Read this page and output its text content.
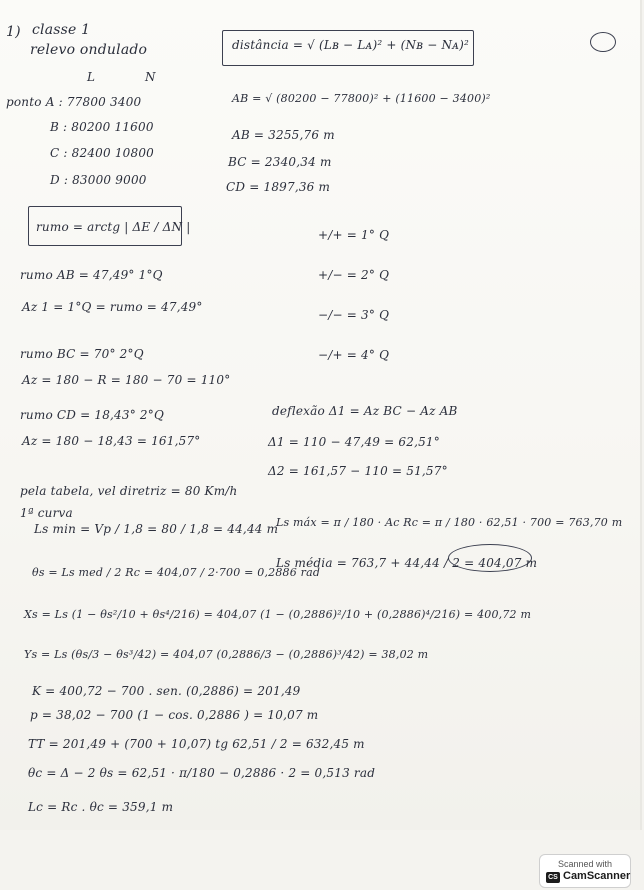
1) classe 1
relevo ondulado
L	N
ponto A : 77800 3400
B : 80200 11600
C : 82400 10800
D : 83000 9000
distância = √ (Lʙ − Lᴀ)² + (Nʙ − Nᴀ)²
AB = √ (80200 − 77800)² + (11600 − 3400)²
AB = 3255,76 m
BC = 2340,34 m
CD = 1897,36 m
rumo = arctg | ΔE / ΔN |
+/+ = 1° Q
+/− = 2° Q
−/− = 3° Q
−/+ = 4° Q
rumo AB = 47,49° 1°Q
Az 1 = 1°Q = rumo = 47,49°
rumo BC = 70° 2°Q
Az = 180 − R = 180 − 70 = 110°
rumo CD = 18,43° 2°Q
Az = 180 − 18,43 = 161,57°
deflexão Δ1 = Az BC − Az AB
Δ1 = 110 − 47,49 = 62,51°
Δ2 = 161,57 − 110 = 51,57°
pela tabela, vel diretriz = 80 Km/h
1ª curva
Ls min = Vp / 1,8 = 80 / 1,8 = 44,44 m
Ls máx = π / 180 · Ac Rc = π / 180 · 62,51 · 700 = 763,70 m
Ls média = 763,7 + 44,44 / 2 = 404,07 m
θs = Ls med / 2 Rc = 404,07 / 2·700 = 0,2886 rad
Xs = Ls (1 − θs²/10 + θs⁴/216) = 404,07 (1 − (0,2886)²/10 + (0,2886)⁴/216) = 400,72 m
Ys = Ls (θs/3 − θs³/42) = 404,07 (0,2886/3 − (0,2886)³/42) = 38,02 m
K = 400,72 − 700 . sen. (0,2886) = 201,49
p = 38,02 − 700 (1 − cos. 0,2886 ) = 10,07 m
TT = 201,49 + (700 + 10,07) tg 62,51 / 2 = 632,45 m
θc = Δ − 2 θs = 62,51 · π/180 − 0,2886 · 2 = 0,513 rad
Lc = Rc . θc = 359,1 m
Scanned with
CS CamScanner
